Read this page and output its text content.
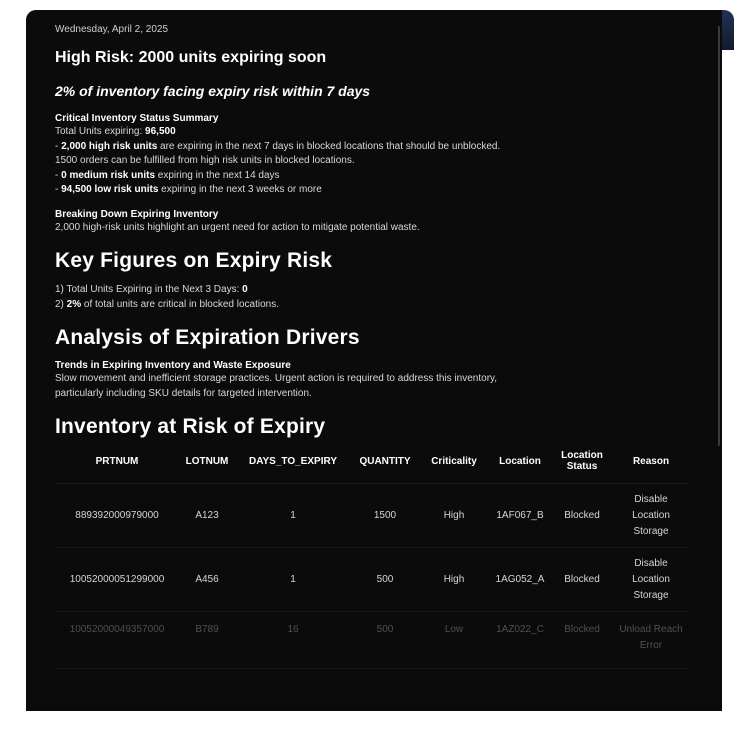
Wednesday, April 2, 2025

High Risk: 2000 units expiring soon

2% of inventory facing expiry risk within 7 days

Critical Inventory Status Summary

Total Units expiring: 96,500

- 2,000 high risk units are expiring in the next 7 days in blocked locations that should be unblocked.

1500 orders can be fulfilled from high risk units in blocked locations.

- 0 medium risk units expiring in the next 14 days

- 94,500 low risk units expiring in the next 3 weeks or more

Breaking Down Expiring Inventory

2,000 high-risk units highlight an urgent need for action to mitigate potential waste.

Key Figures on Expiry Risk

1) Total Units Expiring in the Next 3 Days: 0

2) 2% of total units are critical in blocked locations.

Analysis of Expiration Drivers

Trends in Expiring Inventory and Waste Exposure

Slow movement and inefficient storage practices. Urgent action is required to address this inventory,

particularly including SKU details for targeted intervention.

Inventory at Risk of Expiry

PRTNUM	LOTNUM	DAYS_TO_EXPIRY	QUANTITY	Criticality	Location	Location Status	Reason
889392000979000	A123	1	1500	High	1AF067_B	Blocked	Disable Location Storage
10052000051299000	A456	1	500	High	1AG052_A	Blocked	Disable Location Storage
10052000049357000	B789	16	500	Low	1AZ022_C	Blocked	Unload Reach Error
